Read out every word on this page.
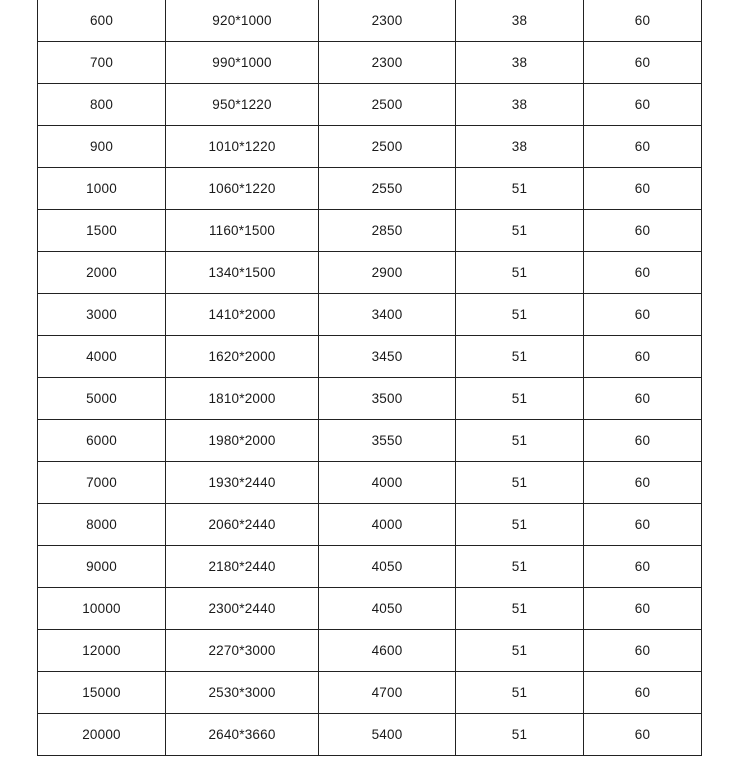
600	920*1000	2300	38	60
700	990*1000	2300	38	60
800	950*1220	2500	38	60
900	1010*1220	2500	38	60
1000	1060*1220	2550	51	60
1500	1160*1500	2850	51	60
2000	1340*1500	2900	51	60
3000	1410*2000	3400	51	60
4000	1620*2000	3450	51	60
5000	1810*2000	3500	51	60
6000	1980*2000	3550	51	60
7000	1930*2440	4000	51	60
8000	2060*2440	4000	51	60
9000	2180*2440	4050	51	60
10000	2300*2440	4050	51	60
12000	2270*3000	4600	51	60
15000	2530*3000	4700	51	60
20000	2640*3660	5400	51	60
